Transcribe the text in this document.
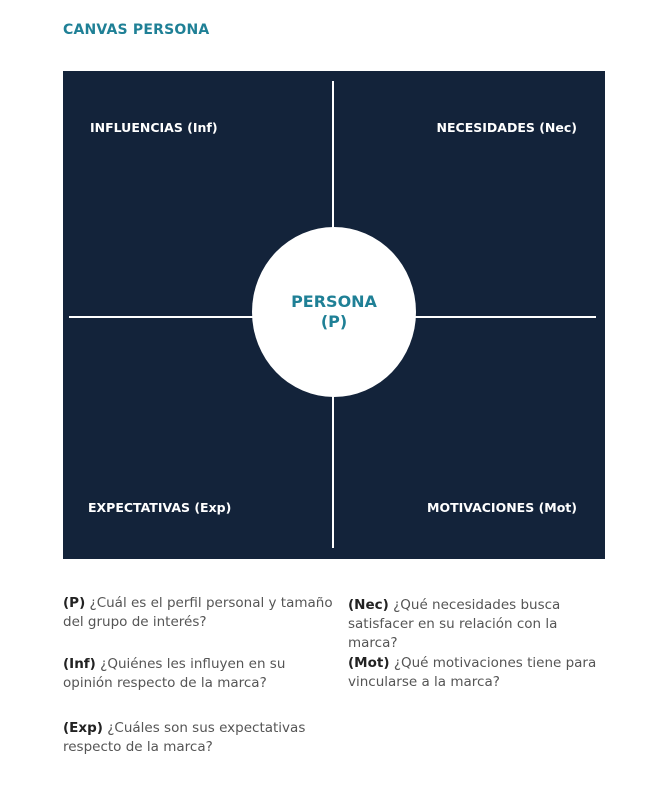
CANVAS PERSONA
INFLUENCIAS (Inf)	NECESIDADES (Nec)
EXPECTATIVAS (Exp)	MOTIVACIONES (Mot)
PERSONA
(P)
(P) ¿Cuál es el perfil personal y tamaño del grupo de interés?
(Inf) ¿Quiénes les influyen en su opinión respecto de la marca?
(Exp) ¿Cuáles son sus expectativas respecto de la marca?
(Nec) ¿Qué necesidades busca satisfacer en su relación con la marca?
(Mot) ¿Qué motivaciones tiene para vincularse a la marca?
